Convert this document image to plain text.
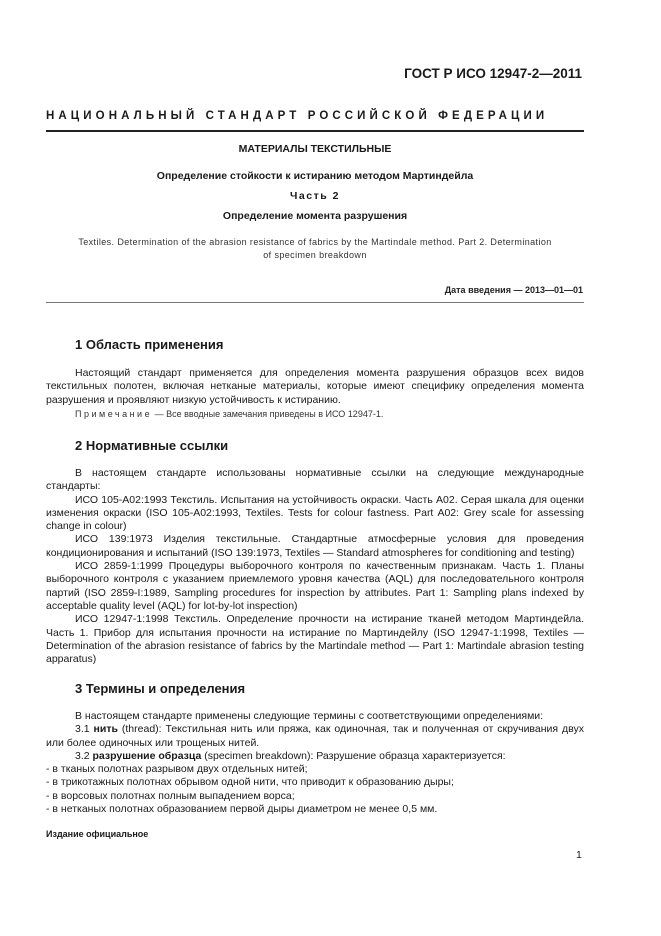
ГОСТ Р ИСО 12947-2—2011
НАЦИОНАЛЬНЫЙ СТАНДАРТ РОССИЙСКОЙ ФЕДЕРАЦИИ
МАТЕРИАЛЫ ТЕКСТИЛЬНЫЕ
Определение стойкости к истиранию методом Мартиндейла
Часть 2
Определение момента разрушения
Textiles. Determination of the abrasion resistance of fabrics by the Martindale method. Part 2. Determination
of specimen breakdown
Дата введения — 2013—01—01
1 Область применения

Настоящий стандарт применяется для определения момента разрушения образцов всех видов текстильных полотен, включая нетканые материалы, которые имеют специфику определения момента разрушения и проявляют низкую устойчивость к истиранию.

Примечание — Все вводные замечания приведены в ИСО 12947-1.
2 Нормативные ссылки

В настоящем стандарте использованы нормативные ссылки на следующие международные стандарты:

ИСО 105-А02:1993 Текстиль. Испытания на устойчивость окраски. Часть А02. Серая шкала для оценки изменения окраски (ISO 105-A02:1993, Textiles. Tests for colour fastness. Part A02: Grey scale for assessing change in colour)

ИСО 139:1973 Изделия текстильные. Стандартные атмосферные условия для проведения кондиционирования и испытаний (ISO 139:1973, Textiles — Standard atmospheres for conditioning and testing)

ИСО 2859-1:1999 Процедуры выборочного контроля по качественным признакам. Часть 1. Планы выборочного контроля с указанием приемлемого уровня качества (AQL) для последовательного контроля партий (ISO 2859-I:1989, Sampling procedures for inspection by attributes. Part 1: Sampling plans indexed by acceptable quality level (AQL) for lot-by-lot inspection)

ИСО 12947-1:1998 Текстиль. Определение прочности на истирание тканей методом Мартиндейла. Часть 1. Прибор для испытания прочности на истирание по Мартиндейлу (ISO 12947-1:1998, Textiles — Determination of the abrasion resistance of fabrics by the Martindale method — Part 1: Martindale abrasion testing apparatus)

3 Термины и определения

В настоящем стандарте применены следующие термины с соответствующими определениями:

3.1 нить (thread): Текстильная нить или пряжа, как одиночная, так и полученная от скручивания двух или более одиночных или трощеных нитей.

3.2 разрушение образца (specimen breakdown): Разрушение образца характеризуется:

- в тканых полотнах разрывом двух отдельных нитей;

- в трикотажных полотнах обрывом одной нити, что приводит к образованию дыры;

- в ворсовых полотнах полным выпадением ворса;

- в нетканых полотнах образованием первой дыры диаметром не менее 0,5 мм.

Издание официальное
1
